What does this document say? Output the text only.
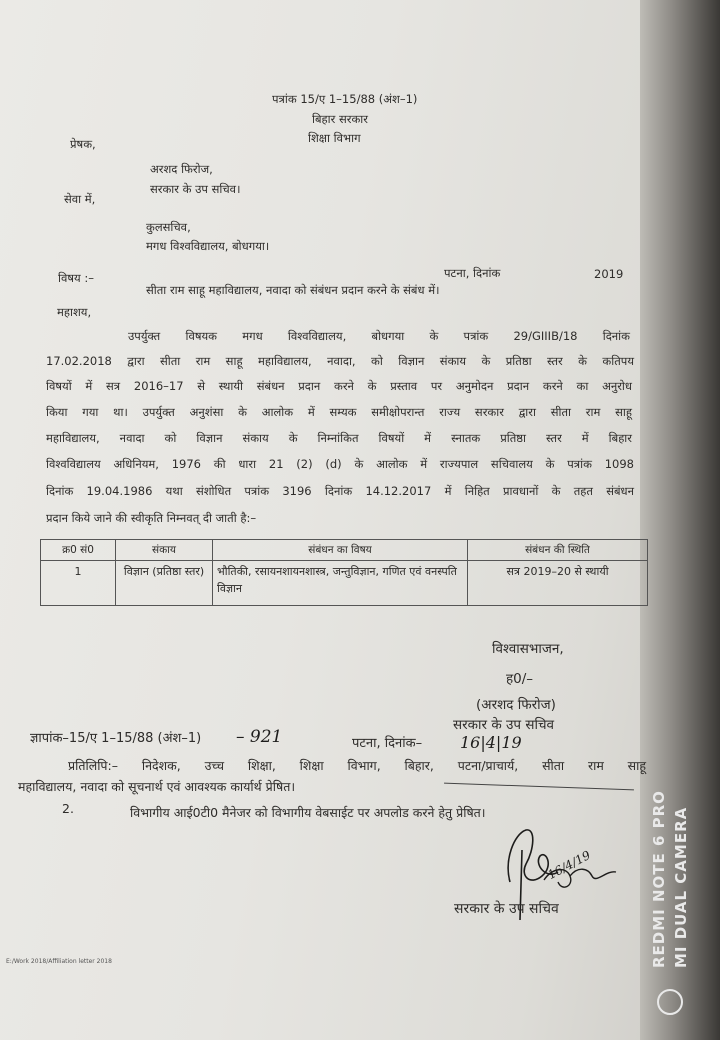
पत्रांक 15/ए 1–15/88 (अंश–1)
बिहार सरकार
शिक्षा विभाग
प्रेषक,
अरशद फिरोज,
सरकार के उप सचिव।
सेवा में,
कुलसचिव,
मगध विश्वविद्यालय, बोधगया।
पटना, दिनांक	2019
विषय :–
सीता राम साहू महाविद्यालय, नवादा को संबंधन प्रदान करने के संबंध में।
महाशय,
उपर्युक्त विषयक मगध विश्वविद्यालय, बोधगया के पत्रांक 29/GIIIB/18 दिनांक
17.02.2018 द्वारा सीता राम साहू महाविद्यालय, नवादा, को विज्ञान संकाय के प्रतिष्ठा स्तर के कतिपय
विषयों में सत्र 2016–17 से स्थायी संबंधन प्रदान करने के प्रस्ताव पर अनुमोदन प्रदान करने का अनुरोध
किया गया था। उपर्युक्त अनुशंसा के आलोक में सम्यक समीक्षोपरान्त राज्य सरकार द्वारा सीता राम साहू
महाविद्यालय, नवादा को विज्ञान संकाय के निम्नांकित विषयों में स्नातक प्रतिष्ठा स्तर में बिहार
विश्वविद्यालय अधिनियम, 1976 की धारा 21 (2) (d) के आलोक में राज्यपाल सचिवालय के पत्रांक 1098
दिनांक 19.04.1986 यथा संशोधित पत्रांक 3196 दिनांक 14.12.2017 में निहित प्रावधानों के तहत संबंधन
प्रदान किये जाने की स्वीकृति निम्नवत् दी जाती है:–
क्र0 सं0	संकाय	संबंधन का विषय	संबंधन की स्थिति
1	विज्ञान (प्रतिष्ठा स्तर)	भौतिकी, रसायनशायनशास्त्र, जन्तुविज्ञान, गणित एवं वनस्पति विज्ञान	सत्र 2019–20 से स्थायी
विश्वासभाजन,
ह0/–
(अरशद फिरोज)
सरकार के उप सचिव
ज्ञापांक–15/ए 1–15/88 (अंश–1) – 921	पटना, दिनांक– 16|4|19
प्रतिलिपि:– निदेशक, उच्च शिक्षा, शिक्षा विभाग, बिहार, पटना/प्राचार्य, सीता राम साहू
महाविद्यालय, नवादा को सूचनार्थ एवं आवश्यक कार्यार्थ प्रेषित।
2.	विभागीय आई0टी0 मैनेजर को विभागीय वेबसाईट पर अपलोड करने हेतु प्रेषित।
16/4/19
सरकार के उप सचिव
E:/Work 2018/Affiliation letter 2018	REDMI NOTE 6 PRO MI DUAL CAMERA
